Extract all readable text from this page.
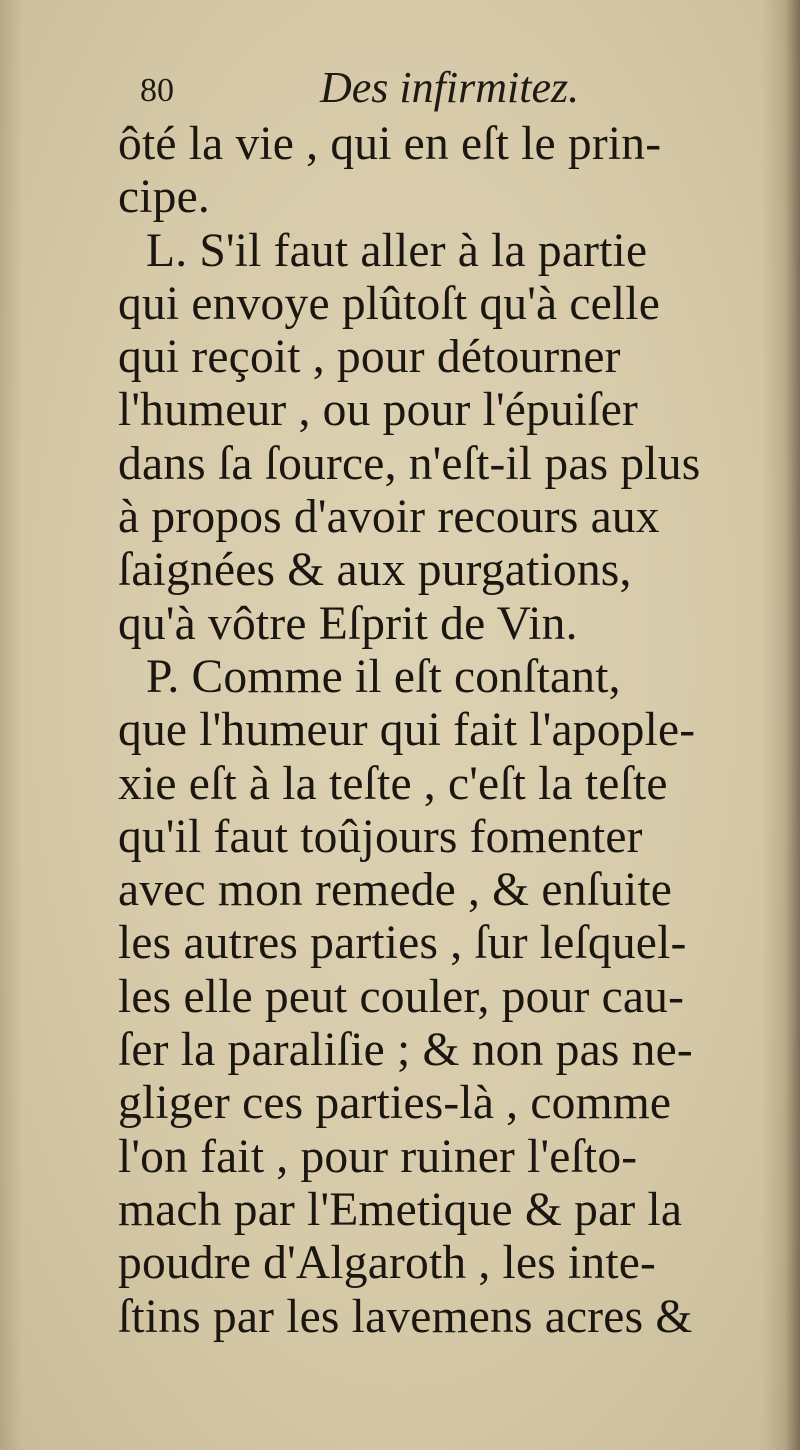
80	Des infirmitez.
ôté la vie , qui en eſt le prin-
cipe.
L. S'il faut aller à la partie
qui envoye plûtoſt qu'à celle
qui reçoit , pour détourner
l'humeur , ou pour l'épuiſer
dans ſa ſource, n'eſt-il pas plus
à propos d'avoir recours aux
ſaignées & aux purgations,
qu'à vôtre Eſprit de Vin.
P. Comme il eſt conſtant,
que l'humeur qui fait l'apople-
xie eſt à la teſte , c'eſt la teſte
qu'il faut toûjours fomenter
avec mon remede , & enſuite
les autres parties , ſur leſquel-
les elle peut couler, pour cau-
ſer la paraliſie ; & non pas ne-
gliger ces parties-là , comme
l'on fait , pour ruiner l'eſto-
mach par l'Emetique & par la
poudre d'Algaroth , les inte-
ſtins par les lavemens acres &
